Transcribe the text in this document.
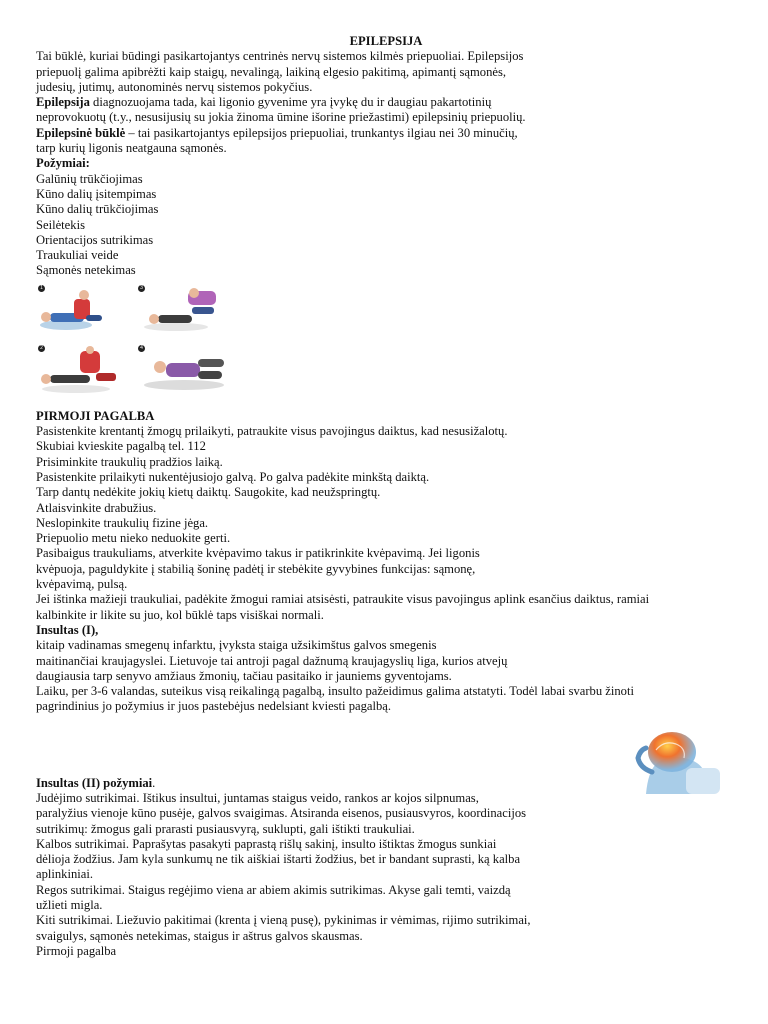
EPILEPSIJA
Tai būklė, kuriai būdingi pasikartojantys centrinės nervų sistemos kilmės priepuoliai. Epilepsijos
priepuolį galima apibrėžti kaip staigų, nevalingą, laikiną elgesio pakitimą, apimantį sąmonės,
judesių, jutimų, autonominės nervų sistemos pokyčius.
Epilepsija diagnozuojama tada, kai ligonio gyvenime yra įvykę du ir daugiau pakartotinių
neprovokuotų (t.y., nesusijusių su jokia žinoma ūmine išorine priežastimi) epilepsinių priepuolių.
Epilepsinė būklė – tai pasikartojantys epilepsijos priepuoliai, trunkantys ilgiau nei 30 minučių,
tarp kurių ligonis neatgauna sąmonės.
Požymiai:
Galūnių trūkčiojimas
Kūno dalių įsitempimas
Kūno dalių trūkčiojimas
Seilėtekis
Orientacijos sutrikimas
Traukuliai veide
Sąmonės netekimas
1	3
2	4
PIRMOJI PAGALBA
Pasistenkite krentantį žmogų prilaikyti, patraukite visus pavojingus daiktus, kad nesusižalotų.
Skubiai kvieskite pagalbą tel. 112
Prisiminkite traukulių pradžios laiką.
Pasistenkite prilaikyti nukentėjusiojo galvą. Po galva padėkite minkštą daiktą.
Tarp dantų nedėkite jokių kietų daiktų. Saugokite, kad neužspringtų.
Atlaisvinkite drabužius.
Neslopinkite traukulių fizine jėga.
Priepuolio metu nieko neduokite gerti.
Pasibaigus traukuliams, atverkite kvėpavimo takus ir patikrinkite kvėpavimą. Jei ligonis
kvėpuoja, paguldykite į stabilią šoninę padėtį ir stebėkite gyvybines funkcijas: sąmonę,
kvėpavimą, pulsą.
Jei ištinka mažieji traukuliai, padėkite žmogui ramiai atsisėsti, patraukite visus pavojingus aplink esančius daiktus, ramiai
kalbinkite ir likite su juo, kol būklė taps visiškai normali.
Insultas (I),
kitaip vadinamas smegenų infarktu, įvyksta staiga užsikimštus galvos smegenis
maitinančiai kraujagyslei. Lietuvoje tai antroji pagal dažnumą kraujagyslių liga, kurios atvejų
daugiausia tarp senyvo amžiaus žmonių, tačiau pasitaiko ir jauniems gyventojams.
Laiku, per 3-6 valandas, suteikus visą reikalingą pagalbą, insulto pažeidimus galima atstatyti. Todėl labai svarbu žinoti
pagrindinius jo požymius ir juos pastebėjus nedelsiant kviesti pagalbą.
Insultas (II) požymiai.
Judėjimo sutrikimai. Ištikus insultui, juntamas staigus veido, rankos ar kojos silpnumas,
paralyžius vienoje kūno pusėje, galvos svaigimas. Atsiranda eisenos, pusiausvyros, koordinacijos
sutrikimų: žmogus gali prarasti pusiausvyrą, suklupti, gali ištikti traukuliai.
Kalbos sutrikimai. Paprašytas pasakyti paprastą rišlų sakinį, insulto ištiktas žmogus sunkiai
dėlioja žodžius. Jam kyla sunkumų ne tik aiškiai ištarti žodžius, bet ir bandant suprasti, ką kalba
aplinkiniai.
Regos sutrikimai. Staigus regėjimo viena ar abiem akimis sutrikimas. Akyse gali temti, vaizdą
užlieti migla.
Kiti sutrikimai. Liežuvio pakitimai (krenta į vieną pusę), pykinimas ir vėmimas, rijimo sutrikimai,
svaigulys, sąmonės netekimas, staigus ir aštrus galvos skausmas.
Pirmoji pagalba
